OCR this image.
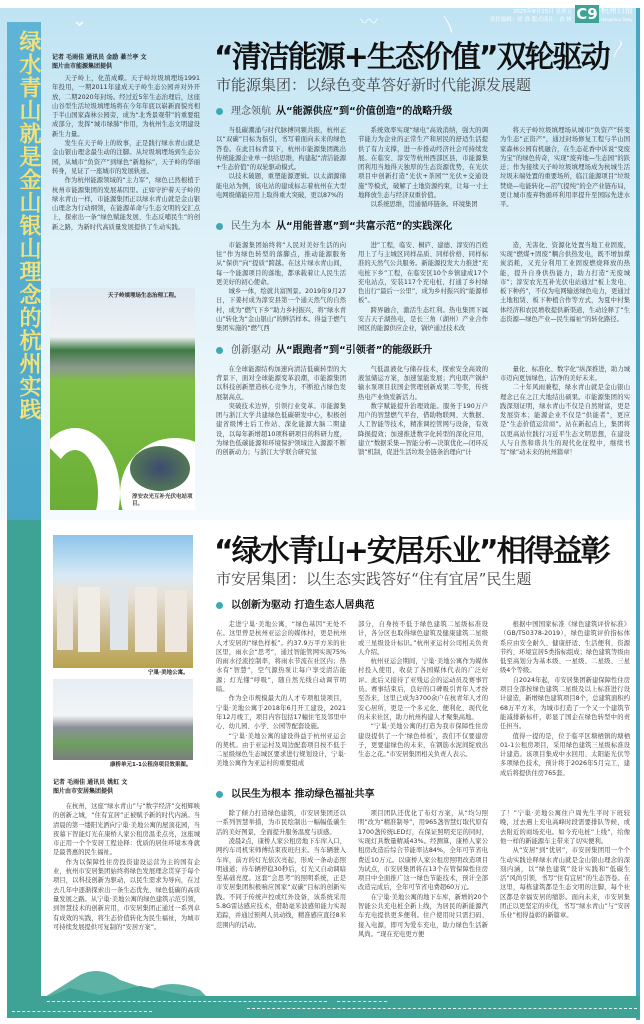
绿水青山就是金山银山理念的杭州实践
⌄	〰	〵
〳
2025年8月15日 星期五
责任编辑：徐 淮 版式设计：俞 帆 C9 杭州日报
Hangzhou Daily
记者 毛雨佳 通讯员 金励 綦兰亭 文
图片由市能源集团提供

天子岭上，化茧成蝶。天子岭垃圾填埋场1991年投用，一期2011年建成天子岭生态公园并对外开放，二期2020年封场。经过近5年生态治理后，这座山谷型生活垃圾填埋场将在今年年底以崭新面貌亮相于半山国家森林公园旁，成为“北秀景观带”的重要组成部分，发挥“城市绿肺”作用，为杭州生态文明建设新生力量。

发生在天子岭上的故事，正是践行绿水青山就是金山银山理念最生动的注脚。从垃圾填埋场到生态公园，从城市“负资产”到绿色“新地标”，天子岭的华丽转身，见证了一座城市的发展轨迹。

作为杭州能源领域的“主力军”，绿色已然根植于杭州市能源集团的发展基因里。正如守护着天子岭的绿水青山一样，市能源集团正以绿水青山就是金山银山理念为行动纲领，在能源革命与生态文明的交汇点上，探索出一条“绿色赋能发展、生态反哺民生”的创新之路，为新时代高质量发展提供了生动实践。

天子岭填埋场生态治理工程。
淳安农光互补光伏电站项目。
“清洁能源+生态价值”双轮驱动
市能源集团：以绿色变革答好新时代能源发展题
理念领航 从“能源供应”到“价值创造”的战略升级

当低碳潮涌与时代脉搏同频共振，杭州正以“双碳”目标为指引，书写着面向未来的绿色答卷。在此目标背景下，杭州市能源集团跳出传统能源企业单一供给思维，构建起“清洁能源+生态价值”的双轮驱动模式。

以技术破题，重塑能源逻辑。以太湖源储能电站为例，该电站的建成标志着杭州在大型电网级储能应用上取得重大突破，更以87%的

系统效率实现“绿电”高效消纳，强大的调节能力为企业的正常生产和居民的舒适生活提供了有力支撑，进一步推动经济社会可持续发展。在临安、淳安等杭州西部区县，市能源集团利用当地得天独厚的生态资源优势，在光伏项目中创新打造“光伏+茶园”“光伏+交通设施”等模式，破解了土地资源约束，让每一寸土地释放生态与经济双重价值。

以系统思维，贯通循环链条。环境集团

将天子岭垃圾填埋场从城市“负资产”转变为生态“正资产”，通过封场修复工程与半山国家森林公园有机融合，在生态花香中诉说“变废为宝”的绿色传奇，实现“废弃地—生态园”的跃迁；作为接续天子岭垃圾填埋场成为杭城生活垃圾末端处置的重要场所，临江能源项目“垃圾焚烧—电能转化—沼气提纯”的全产业链布局，更让城市废弃物循环利用率提升至国际先进水平。

民生为本 从“用能普惠”到“共富示范”的实践深化

市能源集团始终将“人民对美好生活的向往”作为绿色转型的落脚点，推动能源服务从“保供”向“提质”跨越。在这片绿水青山间，每一个能源项目的落地，都承载着让人民生活更美好的初心使命。

城乡一体，绘就共富图景。2019年9月27日，下姜村成为淳安县第一个通天然气的自然村，成为“燃气下乡”助力乡村振兴、将“绿水青山”转化为“金山银山”的鲜活样本。得益于燃气集团实施的“燃气西

进”工程，临安、桐庐、建德、淳安的百姓用上了与主城区同样品质、同样价格、同样标准的天然气公共服务。新能源投发大力推进“充电桩下乡”工程，在临安区10个乡镇建成17个充电站点，安装117个充电桩，打通了乡村绿色出行“最后一公里”，成为乡村振兴的“能源样板”。

跨界融合，激活生态红利。热电集团下属安吉天子湖热电，是长三角（湖州）产业合作园区的能源供应企业，锅炉通过技术改

造，无害化、资源化处置当地工业固废，实现“燃煤+固废”耦合供热发电，既不增加煤炭消耗，又充分利用工业固废燃烧释放的热能，提升自身供热能力，助力打造“无废城市”；淳安农光互补光伏电站通过“板上发电、板下种药”，不仅为电网输送绿色电力，更通过土地租赁、板下种植合作等方式，为夏中村集体经济和农民增收提供新渠道，生动诠释了“生态资源—绿色产业—民生福祉”的转化路径。

创新驱动 从“跟跑者”到“引领者”的能级跃升

在全球能源结构加速向清洁低碳转型的大背景下，面对全球能源变革浪潮，市能源集团以科技创新塑造核心竞争力，不断抢占绿色发展制高点。

突破技术边界，引领行业变革。市能源集团与浙江大学共建绿色低碳研发中心，积极创建省级博士后工作站、深化能源大脑二期建设，以每年新增超10项科研项目的科研力度，为绿色低碳能源和环境保护领域注入源源不断的创新动力；与浙江大学联合研究氢

气低温液化与储存技术，探索安全高效的液氢储运方案，加速氢能发展；汽电联产锅炉输水泵项目获国企管理创新成果二等奖，传统热电产业焕发新活力。

数字赋能提升治理效能。服务于190万户用户的智慧燃气平台，借助物联网、大数据、人工智能等技术，精准调控管网与设备，有效降损提效；加速推进数字化转型的深化应用，建立“数据采集—智能分析—决策优化—闭环反馈”机制，促进生活垃圾全链条治理向“计

量化、标准化、数字化”纵深推进，助力城市迈向更加绿色、洁净的美好未来。

二十年风雨兼程，绿水青山就是金山银山理念已在之江大地结出硕果。市能源集团的实践深刻证明，绿水青山不仅是自然财富，更是发展资本；能源企业不仅是“供能者”，更应是“生态价值运营商”。站在新起点上，集团将以更高站位践行习近平生态文明思想，在建设人与自然和谐共生的现代化征程中，继续书写“绿”动未来的杭州篇章！

宁巢·美地公寓。
康桥单元1-1公租房项目效果图。
记者 毛雨佳 通讯员 姚虹 文
图片由市安居集团提供

在杭州，这座“绿水青山”与“数字经济”交相辉映的创新之城，“住有宜居”正被赋予新的时代内涵。当清晨的第一缕阳光洒向宁巢·美地公寓的屋顶花园，当夜幕下智能灯光在康桥人家公租房温柔点亮，这座城市正用一个个安居工程诠释：优质的居住环境本身就是最普惠的民生福祉。

作为以保障性住房投资建设运营为主的国有企业，杭州市安居集团始终将绿色发展理念贯穿于每个项目，以科技创新为驱动，以民生需求为导向，在过去几年中逐渐探索出一条生态优先、绿色低碳的高质量发展之路。从宁巢·美地公寓的绿色建筑示范引领，到智慧技术的创新应用，市安居集团正通过一系列卓有成效的实践，将生态价值转化为民生福祉，为城市可持续发展提供可复制的“安居方案”。

“绿水青山+安居乐业”相得益彰
市安居集团：以生态实践答好“住有宜居”民生题
以创新为驱动 打造生态人居典范

走进宁巢·美地公寓，“绿色基因”无处不在。这里曾是杭州亚运会的媒体村，更是杭州人才安居的“绿色样板”。约37.9万平方米的社区里，雨水会“思考”，通过智能管网实现75%的雨水径流控制率，将雨水节流在社区内；热水有“智慧”，空气源热泵让每户享受清洁能源；灯光懂“呼吸”，随自然光线自动调节明暗。

作为全市规模最大的人才专项租赁项目，宁巢·美地公寓于2018年6月开工建设，2021年12月竣工，项目内容包括17幢住宅及邻里中心、幼儿园、小学、公园等配套设施。

“宁巢·美地公寓的建设得益于杭州亚运会的契机。由于亚运村及周边配套项目按不低于二星级绿色生态城区要求进行规划设计，宁巢·美地公寓作为亚运村的重要组成

部分，自身按不低于绿色建筑二星级标准设计，各分区也取得绿色建筑及健康建筑二星级或三星级设计标识。”杭州亚运村公司相关负责人介绍。

杭州亚运会期间，宁巢·美地公寓作为媒体村投入使用，收获了各国媒体代表的广泛好评。此后又接待了亚残运会的运动员及赛事官员。赛事结束后，良好的口碑吸引青年人才纷至沓来，这里已成为3700余户在杭青年人才的安心居所，更是一个多元化、便利化、现代化的未来社区，助力杭州构建人才聚集高地。

“宁巢·美地公寓的打造为我市保障性住房建设提供了一个‘绿色样板’，我们不仅要建房子，更要建绿色的未来，在钢筋水泥间绽放出生态之花。”市安居集团相关负责人表示。

根据中国国家标准《绿色建筑评价标准》（GB/T50378-2019），绿色建筑评价指标体系应由安全耐久、健康舒适、生活便利、资源节约、环境宜居5类指标组成；绿色建筑等级由低至高划分为基本级、一星级、二星级、三星级4个等级。

自2024年起，市安居集团新建保障性住房项目全部按绿色建筑二星级及以上标准进行设计建造，新增绿色建筑项目8个，总建筑面积约68万平方米，为城市打造了一个又一个建筑节能减排新标杆，彰显了国企在绿色转型中的责任担当。

值得一提的是，位于临平区塘栖镇的塘栖01-1公租房项目，采用绿色建筑三星级标准设计建造。该项目集成中水回用、太阳能光伏等多项绿色技术，预计将于2026年5月完工，建成后将提供住房765套。

以民生为根本 推动绿色福祉共享

除了倾力打造绿色建筑，市安居集团还以一系列智慧举措，为市民绘制出一幅幅低碳生活的美好图景，全面提升服务温度与质感。

凌晨2点，康桥人家公租房地下车库入口，网约车司机宋师傅结束夜班归来。当车辆驶入车库，前方的灯光依次亮起，形成一条动态照明通道；待车辆停稳30秒后，灯光又自动调暗至基础亮度。这套“会思考”的照明系统，正是市安居集团积极响应国家“双碳”目标的创新实践。不同于传统声控或红外设备，该系统采用5.8G雷达感应技术，借助毫米波感知能力实现追踪，并通过预判人员动线，精准感应直径8米范围内的活动。

项目团队还优化了布灯方案，从“均匀照明”改为“精准制导”，用965盏智慧灯取代原有1700盏传统LED灯，在保证照明充足的同时，实现灯具数量精减43%。经测算，康桥人家公租房改造后综合节能率达84%，全年可节省电费近10万元。以康桥人家公租房照明改造项目为试点，市安居集团将在13个在管保障性住房项目中全面推广这一绿色节能技术，预计全部改造完成后，全年可节省电费超60万元。

在宁巢·美地公寓的地下车库，新增的20个智能公共充电桩全新上线，为居民的新能源汽车充电提供更多便利。住户使用时只需扫码、接入电源，即可为爱车充电，助力绿色生活新风尚。“现在充电更方便

了！”宁巢·美地公寓住户周先生平时下班较晚，过去遇上充电高峰时段需要排队等候，或去附近的商场充电。如今充电桩“上线”，给像他一样的新能源车主带来了切实便利。

从“安居”到“优居”，市安居集团用一个个生动实践诠释绿水青山就是金山银山理念的深刻内涵，以“绿色建筑”设计实践和“低碳生活”风尚引领，书写“住有宜居”的生态答卷。在这里，每栋建筑都是生态文明的注脚，每个社区都是幸福安居的缩影。面向未来，市安居集团正以更坚定的步伐，书写“绿水青山”与“安居乐业”相得益彰的新篇章。
